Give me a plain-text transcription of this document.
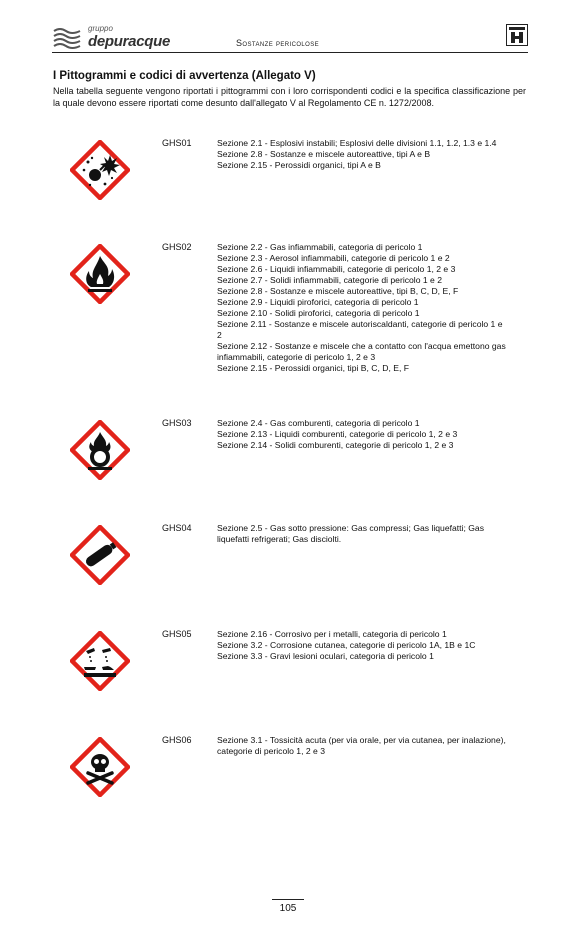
gruppo
depuracque	Sostanze pericolose
I Pittogrammi e codici di avvertenza (Allegato V)
Nella tabella seguente vengono riportati i pittogrammi con i loro corrispondenti codici e la specifica classificazione per la quale devono essere riportati come desunto dall'allegato V al Regolamento CE n. 1272/2008.
GHS01	Sezione 2.1 - Esplosivi instabili; Esplosivi delle divisioni 1.1, 1.2, 1.3 e 1.4
Sezione 2.8 - Sostanze e miscele autoreattive, tipi A e B
Sezione 2.15 - Perossidi organici, tipi A e B
GHS02	Sezione 2.2 - Gas infiammabili, categoria di pericolo 1
Sezione 2.3 - Aerosol infiammabili, categorie di pericolo 1 e 2
Sezione 2.6 - Liquidi infiammabili, categorie di pericolo 1, 2 e 3
Sezione 2.7 - Solidi infiammabili, categorie di pericolo 1 e 2
Sezione 2.8 - Sostanze e miscele autoreattive, tipi B, C, D, E, F
Sezione 2.9 - Liquidi piroforici, categoria di pericolo 1
Sezione 2.10 - Solidi piroforici, categoria di pericolo 1
Sezione 2.11 - Sostanze e miscele autoriscaldanti, categorie di pericolo 1 e 2
Sezione 2.12 - Sostanze e miscele che a contatto con l'acqua emettono gas infiammabili, categorie di pericolo 1, 2 e 3
Sezione 2.15 - Perossidi organici, tipi B, C, D, E, F
GHS03	Sezione 2.4 - Gas comburenti, categoria di pericolo 1
Sezione 2.13 - Liquidi comburenti, categorie di pericolo 1, 2 e 3
Sezione 2.14 - Solidi comburenti, categorie di pericolo 1, 2 e 3
GHS04	Sezione 2.5 - Gas sotto pressione: Gas compressi; Gas liquefatti; Gas liquefatti refrigerati; Gas disciolti.
GHS05	Sezione 2.16 - Corrosivo per i metalli, categoria di pericolo 1
Sezione 3.2 - Corrosione cutanea, categorie di pericolo 1A, 1B e 1C
Sezione 3.3 - Gravi lesioni oculari, categoria di pericolo 1
GHS06	Sezione 3.1 - Tossicità acuta (per via orale, per via cutanea, per inalazione), categorie di pericolo 1, 2 e 3
105
